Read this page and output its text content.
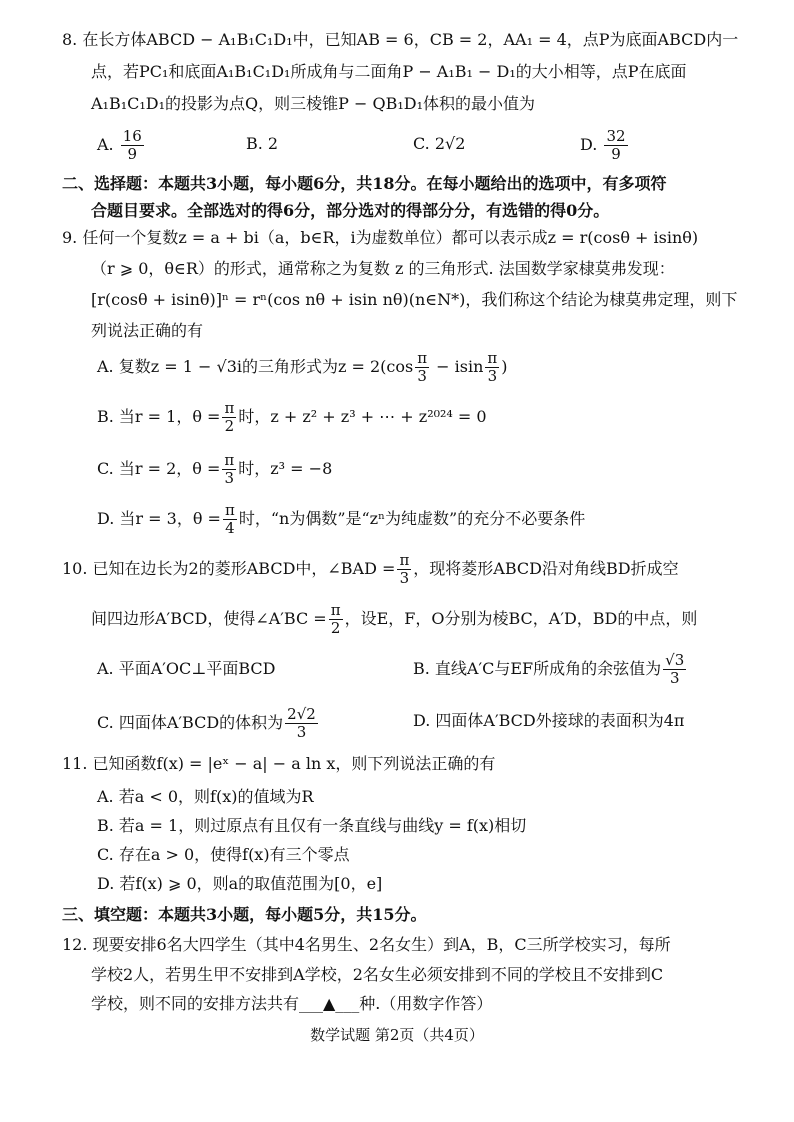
8. 在长方体ABCD − A₁B₁C₁D₁中，已知AB = 6，CB = 2，AA₁ = 4，点P为底面ABCD内一
点，若PC₁和底面A₁B₁C₁D₁所成角与二面角P − A₁B₁ − D₁的大小相等，点P在底面
A₁B₁C₁D₁的投影为点Q，则三棱锥P − QB₁D₁体积的最小值为
A. $\frac{16}{9}$	B. 2	C. 2√2	D. $\frac{32}{9}$
二、选择题：本题共3小题，每小题6分，共18分。在每小题给出的选项中，有多项符
合题目要求。全部选对的得6分，部分选对的得部分分，有选错的得0分。
9. 任何一个复数z = a + bi（a，b∈R，i为虚数单位）都可以表示成z = r(cosθ + isinθ)
（r ⩾ 0，θ∈R）的形式，通常称之为复数 z 的三角形式. 法国数学家棣莫弗发现：
[r(cosθ + isinθ)]ⁿ = rⁿ(cos nθ + isin nθ)(n∈N*)，我们称这个结论为棣莫弗定理，则下
列说法正确的有
A. 复数z = 1 − √3i的三角形式为$z = 2(\cos \frac{\pi}{3} - isin \frac{\pi}{3}$ )
B. 当r = 1，$\theta = \frac{\pi}{2}$ 时，z + z² + z³ + ⋯ + z²⁰²⁴ = 0
C. 当r = 2，$\theta = \frac{\pi}{3}$ 时，z³ = −8
D. 当r = 3，$\theta = \frac{\pi}{4}$ 时，“n为偶数”是“zⁿ为纯虚数”的充分不必要条件
10. 已知在边长为2的菱形ABCD中，∠BAD = $\frac{\pi}{3}$ ，现将菱形ABCD沿对角线BD折成空
间四边形A′BCD，使得∠A′BC = $\frac{\pi}{2}$ ，设E，F，O分别为棱BC，A′D，BD的中点，则
A. 平面A′OC⊥平面BCD	B. 直线A′C与EF所成角的余弦值为 $\frac{√3}{3}$
C. 四面体A′BCD的体积为 $\frac{2√2}{3}$	D. 四面体A′BCD外接球的表面积为4π
11. 已知函数f(x) = |eˣ − a| − a ln x，则下列说法正确的有
A. 若a < 0，则f(x)的值域为R
B. 若a = 1，则过原点有且仅有一条直线与曲线y = f(x)相切
C. 存在a > 0，使得f(x)有三个零点
D. 若f(x) ⩾ 0，则a的取值范围为[0，e]
三、填空题：本题共3小题，每小题5分，共15分。
12. 现要安排6名大四学生（其中4名男生、2名女生）到A，B，C三所学校实习，每所
学校2人，若男生甲不安排到A学校，2名女生必须安排到不同的学校且不安排到C
学校，则不同的安排方法共有___▲___种.（用数字作答）
数学试题 第2页（共4页）
